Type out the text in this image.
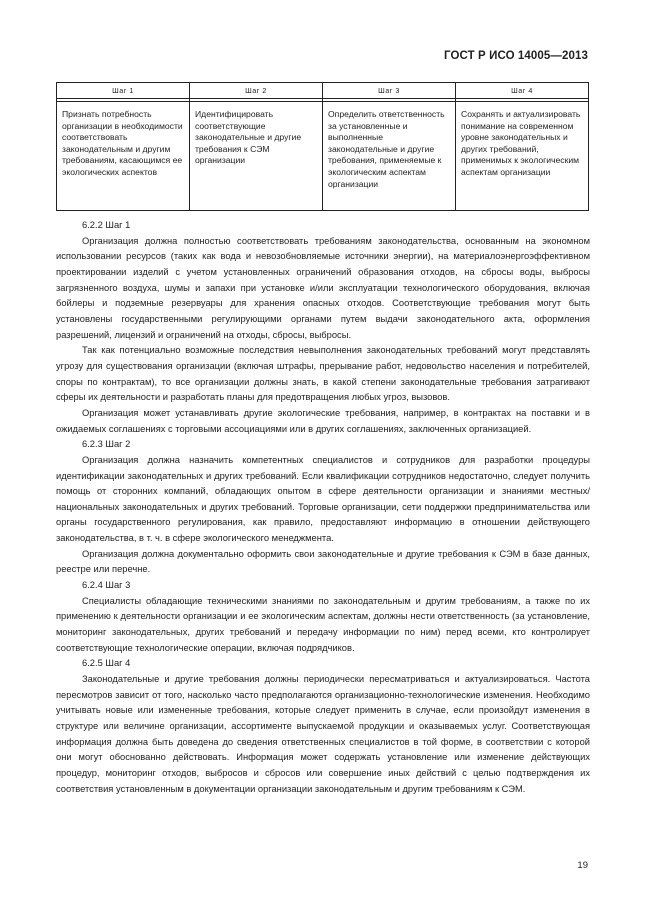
ГОСТ Р ИСО 14005—2013
Шаг 1	Шаг 2	Шаг 3	Шаг 4

Признать потребность организации в необходимости соответствовать законодательным и другим требованиям, касающимся ее экологических аспектов	Идентифицировать соответствующие законодательные и другие требования к СЭМ организации	Определить ответственность за установленные и выполненные законодательные и другие требования, применяемые к экологическим аспектам организации	Сохранять и актуализировать понимание на современном уровне законодательных и других требований, применимых к экологическим аспектам организации

6.2.2 Шаг 1

Организация должна полностью соответствовать требованиям законодательства, основанным на экономном использовании ресурсов (таких как вода и невозобновляемые источники энергии), на материалоэнергоэффективном проектировании изделий с учетом установленных ограничений образования отходов, на сбросы воды, выбросы загрязненного воздуха, шумы и запахи при установке и/или эксплуатации технологического оборудования, включая бойлеры и подземные резервуары для хранения опасных отходов. Соответствующие требования могут быть установлены государственными регулирующими органами путем выдачи законодательного акта, оформления разрешений, лицензий и ограничений на отходы, сбросы, выбросы.

Так как потенциально возможные последствия невыполнения законодательных требований могут представлять угрозу для существования организации (включая штрафы, прерывание работ, недовольство населения и потребителей, споры по контрактам), то все организации должны знать, в какой степени законодательные требования затрагивают сферы их деятельности и разработать планы для предотвращения любых угроз, вызовов.

Организация может устанавливать другие экологические требования, например, в контрактах на поставки и в ожидаемых соглашениях с торговыми ассоциациями или в других соглашениях, заключенных организацией.

6.2.3 Шаг 2

Организация должна назначить компетентных специалистов и сотрудников для разработки процедуры идентификации законодательных и других требований. Если квалификации сотрудников недостаточно, следует получить помощь от сторонних компаний, обладающих опытом в сфере деятельности организации и знаниями местных/национальных законодательных и других требований. Торговые организации, сети поддержки предпринимательства или органы государственного регулирования, как правило, предоставляют информацию в отношении действующего законодательства, в т. ч. в сфере экологического менеджмента.

Организация должна документально оформить свои законодательные и другие требования к СЭМ в базе данных, реестре или перечне.

6.2.4 Шаг 3

Специалисты обладающие техническими знаниями по законодательным и другим требованиям, а также по их применению к деятельности организации и ее экологическим аспектам, должны нести ответственность (за установление, мониторинг законодательных, других требований и передачу информации по ним) перед всеми, кто контролирует соответствующие технологические операции, включая подрядчиков.

6.2.5 Шаг 4

Законодательные и другие требования должны периодически пересматриваться и актуализироваться. Частота пересмотров зависит от того, насколько часто предполагаются организационно-технологические изменения. Необходимо учитывать новые или измененные требования, которые следует применить в случае, если произойдут изменения в структуре или величине организации, ассортименте выпускаемой продукции и оказываемых услуг. Соответствующая информация должна быть доведена до сведения ответственных специалистов в той форме, в соответствии с которой они могут обоснованно действовать. Информация может содержать установление или изменение действующих процедур, мониторинг отходов, выбросов и сбросов или совершение иных действий с целью подтверждения их соответствия установленным в документации организации законодательным и другим требованиям к СЭМ.

19
